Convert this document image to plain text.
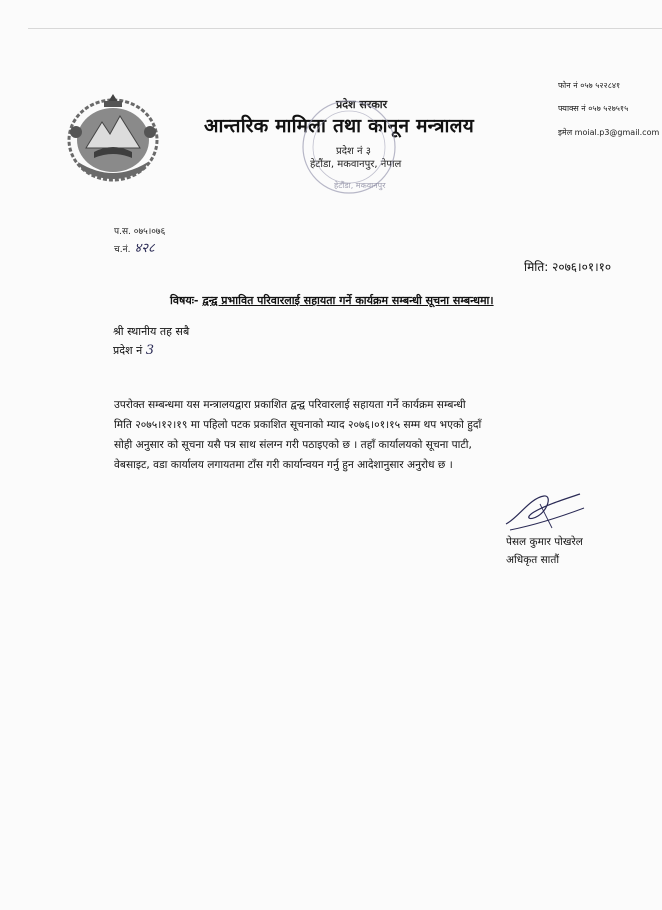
प्रदेश सरकार
आन्तरिक मामिला तथा कानून मन्त्रालय
प्रदेश नं ३
हेटौंडा, मकवानपुर, नेपाल
हेटौंडा, मकवानपुर
फोन नं ०५७ ५२२८४१
फ्याक्स नं ०५७ ५२७५१५
इमेल moial.p3@gmail.com
प.स. ०७५।०७६
च.नं. ४२८
मिति: २०७६।०१।१०
विषयः- द्वन्द्व प्रभावित परिवारलाई सहायता गर्ने कार्यक्रम सम्बन्धी सूचना सम्बन्धमा।
श्री स्थानीय तह सबै
प्रदेश नं 3
उपरोक्त सम्बन्धमा यस मन्त्रालयद्वारा प्रकाशित द्वन्द्व परिवारलाई सहायता गर्ने कार्यक्रम सम्बन्धी
मिति २०७५।१२।१९ मा पहिलो पटक प्रकाशित सूचनाको म्याद २०७६।०१।१५ सम्म थप भएको हुदाँ
सोही अनुसार को सूचना यसै पत्र साथ संलग्न गरी पठाइएको छ । तहाँ कार्यालयको सूचना पाटी,
वेबसाइट, वडा कार्यालय लगायतमा टाँस गरी कार्यान्वयन गर्नु हुन आदेशानुसार अनुरोध छ ।
पेसल कुमार पोखरेल
अधिकृत सातौं
